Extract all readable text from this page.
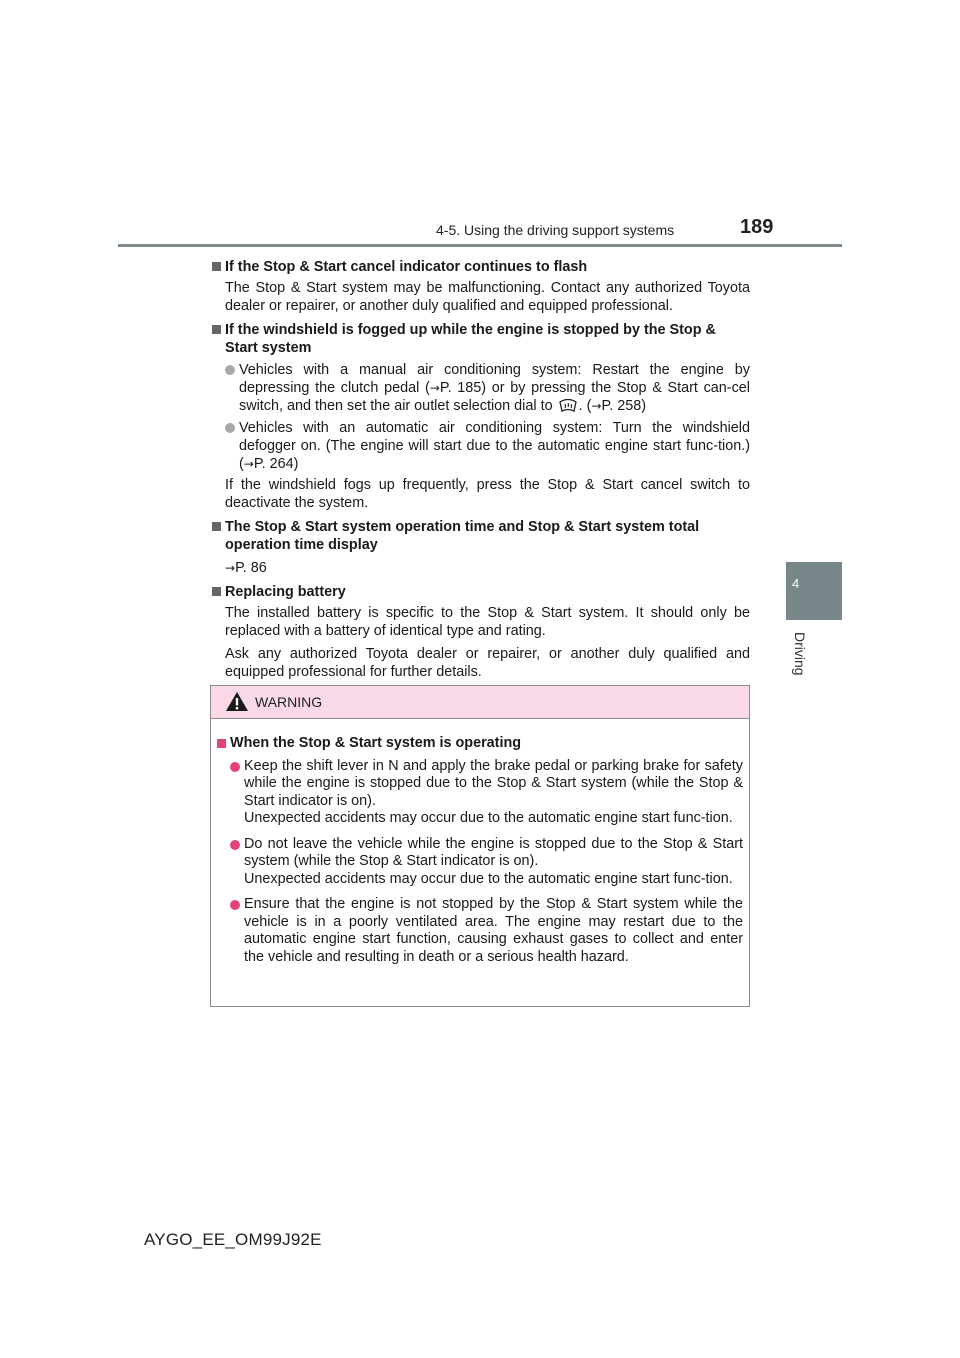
4-5. Using the driving support systems	189
4
Driving
If the Stop & Start cancel indicator continues to flash
The Stop & Start system may be malfunctioning. Contact any authorized Toyota dealer or repairer, or another duly qualified and equipped professional.
If the windshield is fogged up while the engine is stopped by the Stop & Start system
Vehicles with a manual air conditioning system: Restart the engine by depressing the clutch pedal (→P. 185) or by pressing the Stop & Start can-cel switch, and then set the air outlet selection dial to . (→P. 258)
Vehicles with an automatic air conditioning system: Turn the windshield defogger on. (The engine will start due to the automatic engine start func-tion.) (→P. 264)
If the windshield fogs up frequently, press the Stop & Start cancel switch to deactivate the system.
The Stop & Start system operation time and Stop & Start system total operation time display
→P. 86
Replacing battery
The installed battery is specific to the Stop & Start system. It should only be replaced with a battery of identical type and rating.
Ask any authorized Toyota dealer or repairer, or another duly qualified and equipped professional for further details.
WARNING
When the Stop & Start system is operating
Keep the shift lever in N and apply the brake pedal or parking brake for safety while the engine is stopped due to the Stop & Start system (while the Stop & Start indicator is on).
Unexpected accidents may occur due to the automatic engine start func-tion.
Do not leave the vehicle while the engine is stopped due to the Stop & Start system (while the Stop & Start indicator is on).
Unexpected accidents may occur due to the automatic engine start func-tion.
Ensure that the engine is not stopped by the Stop & Start system while the vehicle is in a poorly ventilated area. The engine may restart due to the automatic engine start function, causing exhaust gases to collect and enter the vehicle and resulting in death or a serious health hazard.
AYGO_EE_OM99J92E
